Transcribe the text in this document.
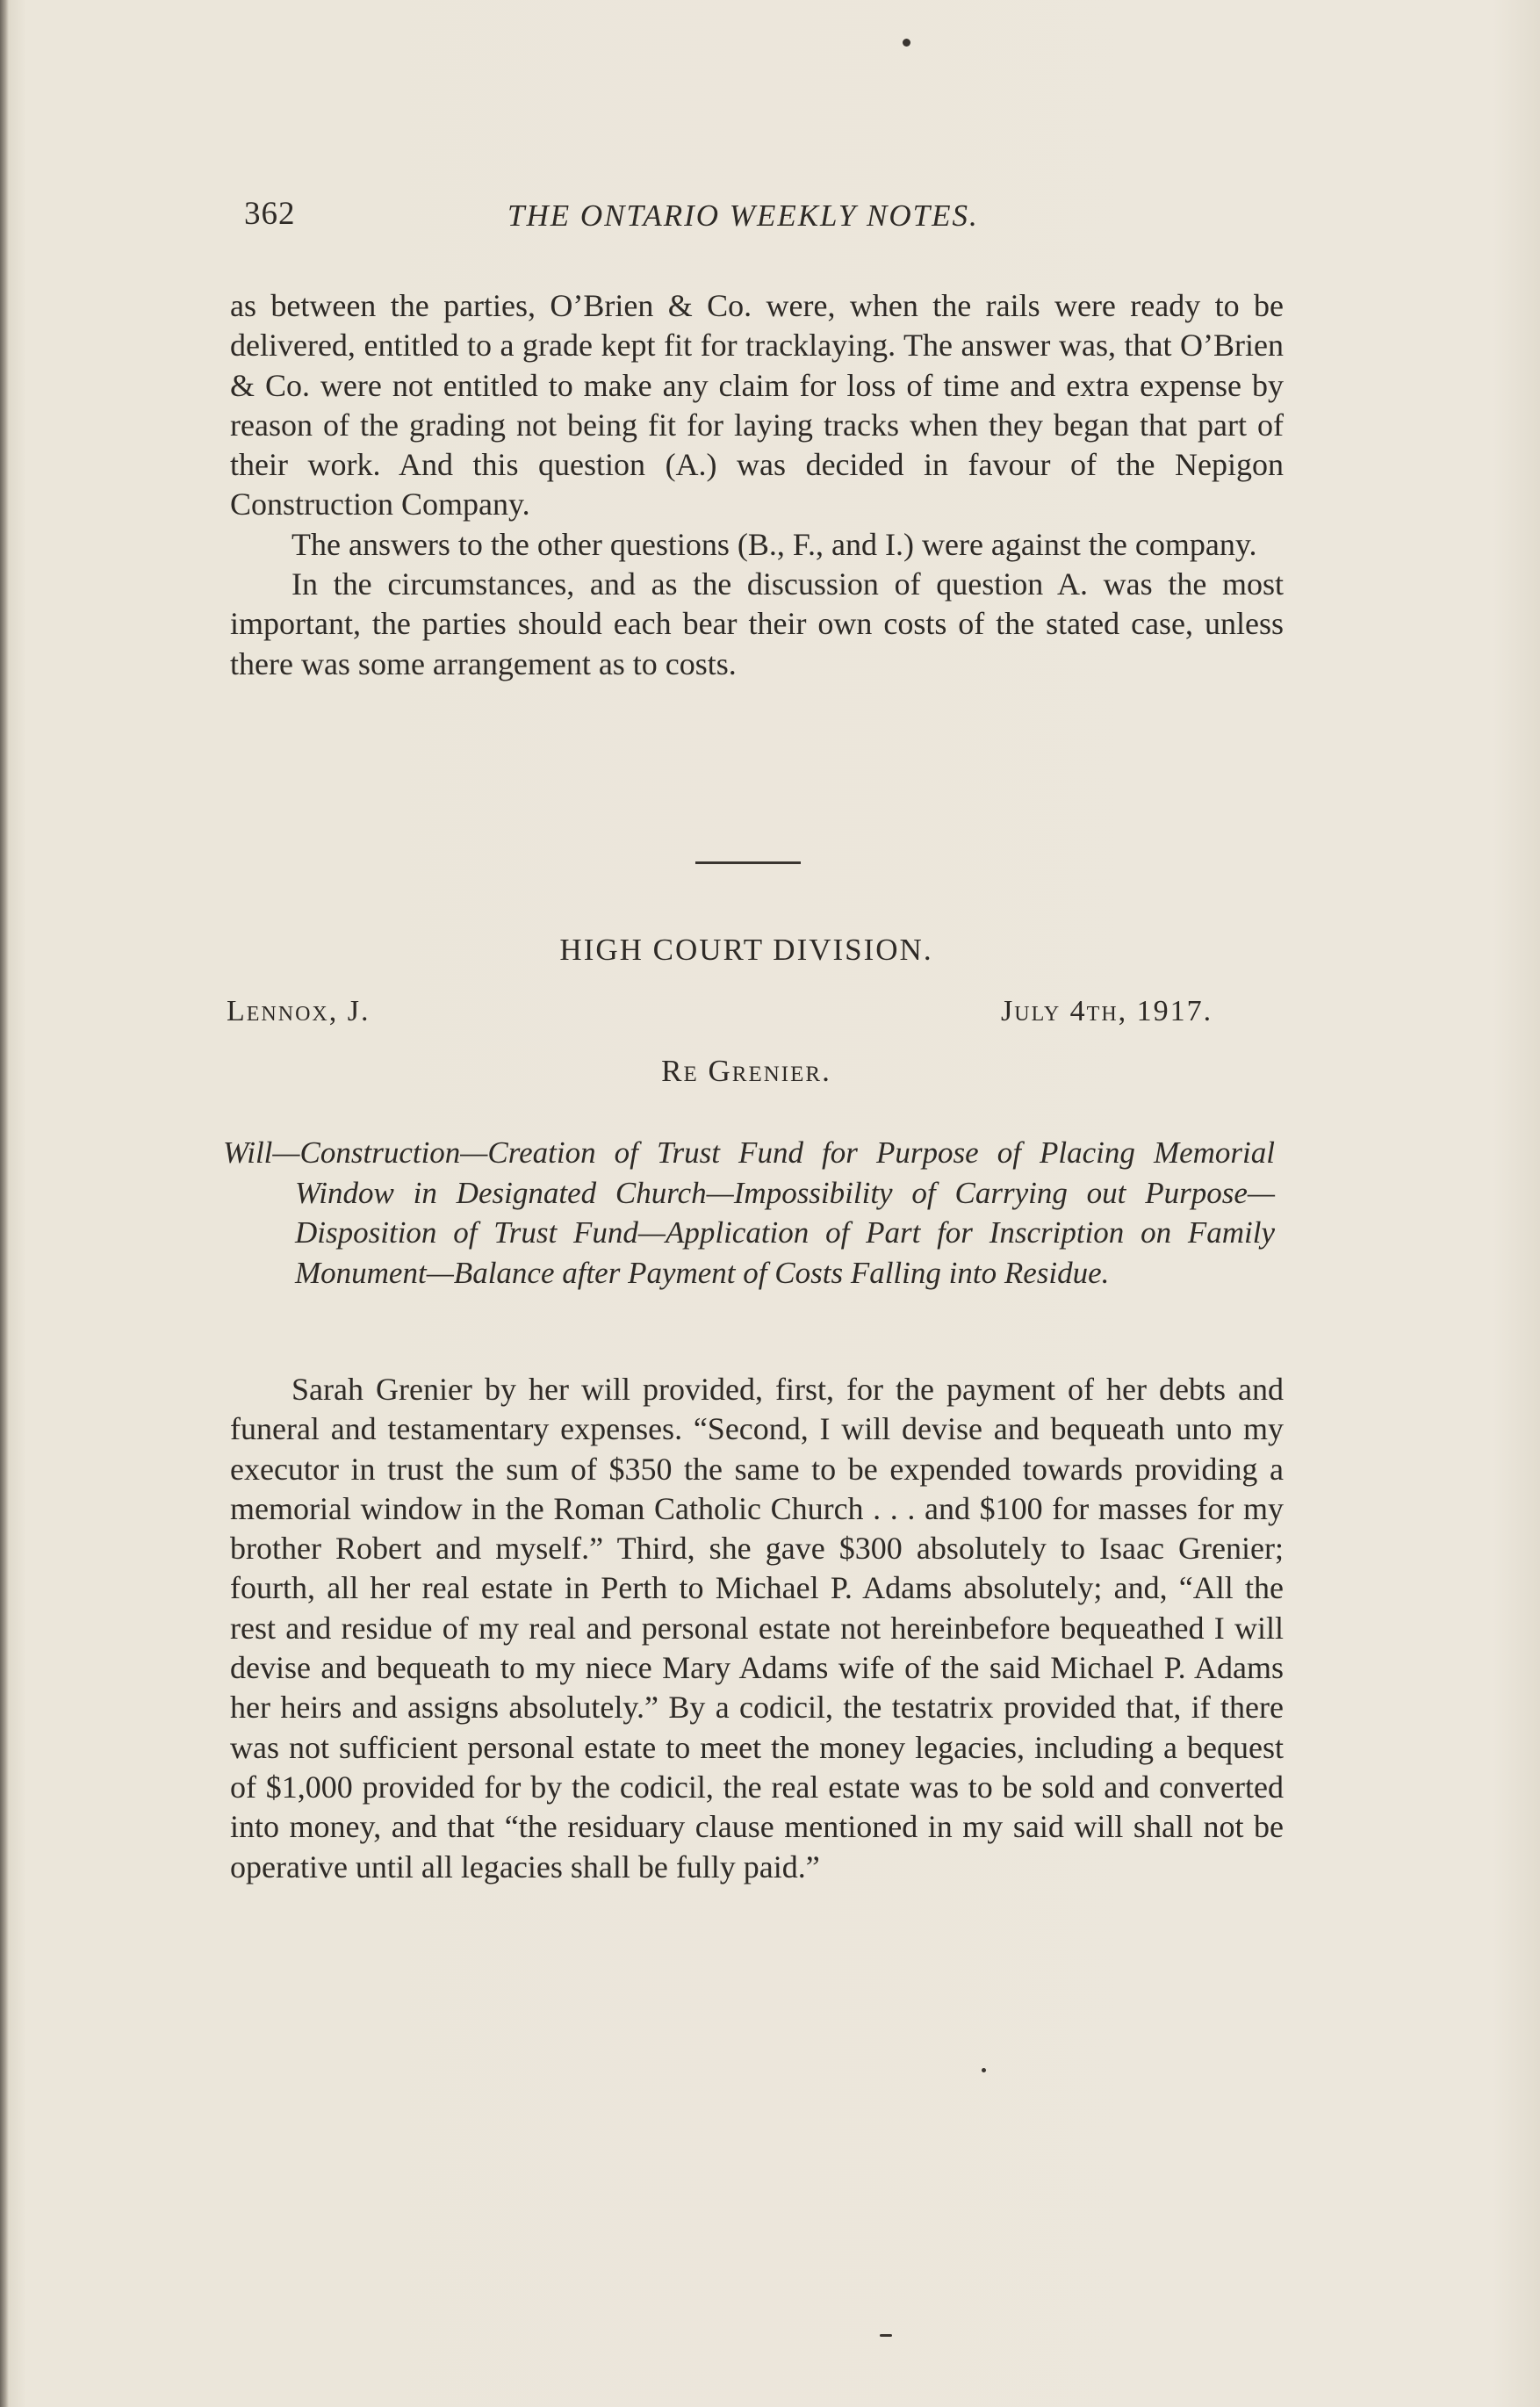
362	THE ONTARIO WEEKLY NOTES.

as between the parties, O’Brien & Co. were, when the rails were ready to be delivered, entitled to a grade kept fit for tracklaying. The answer was, that O’Brien & Co. were not entitled to make any claim for loss of time and extra expense by reason of the grading not being fit for laying tracks when they began that part of their work. And this question (A.) was decided in favour of the Nepigon Construction Company.

The answers to the other questions (B., F., and I.) were against the company.

In the circumstances, and as the discussion of question A. was the most important, the parties should each bear their own costs of the stated case, unless there was some arrangement as to costs.

HIGH COURT DIVISION.
Lennox, J.	July 4th, 1917.
Re Grenier.
Will—Construction—Creation of Trust Fund for Purpose of Placing Memorial Window in Designated Church—Impossibility of Carrying out Purpose—Disposition of Trust Fund—Application of Part for Inscription on Family Monument—Balance after Payment of Costs Falling into Residue.

Sarah Grenier by her will provided, first, for the payment of her debts and funeral and testamentary expenses. “Second, I will devise and bequeath unto my executor in trust the sum of $350 the same to be expended towards providing a memorial window in the Roman Catholic Church . . . and $100 for masses for my brother Robert and myself.” Third, she gave $300 absolutely to Isaac Grenier; fourth, all her real estate in Perth to Michael P. Adams absolutely; and, “All the rest and residue of my real and personal estate not hereinbefore bequeathed I will devise and bequeath to my niece Mary Adams wife of the said Michael P. Adams her heirs and assigns absolutely.” By a codicil, the testatrix provided that, if there was not sufficient personal estate to meet the money legacies, including a bequest of $1,000 provided for by the codicil, the real estate was to be sold and converted into money, and that “the residuary clause mentioned in my said will shall not be operative until all legacies shall be fully paid.”
